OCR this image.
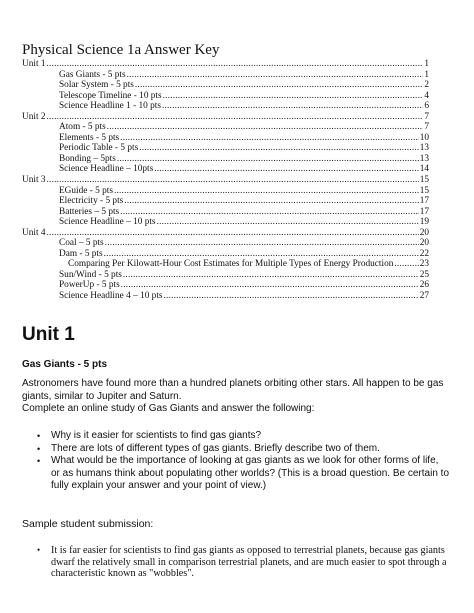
Physical Science 1a Answer Key
Unit 1 .....	1
Gas Giants - 5 pts .....	1
Solar System - 5 pts .....	2
Telescope Timeline - 10 pts .....	4
Science Headline 1 - 10 pts .....	6
Unit 2 .....	7
Atom - 5 pts .....	7
Elements - 5 pts .....	10
Periodic Table - 5 pts .....	13
Bonding – 5pts .....	13
Science Headline – 10pts .....	14
Unit 3 .....	15
EGuide - 5 pts .....	15
Electricity - 5 pts .....	17
Batteries – 5 pts .....	17
Science Headline – 10 pts .....	19
Unit 4 .....	20
Coal – 5 pts .....	20
Dam - 5 pts .....	22
Comparing Per Kilowatt-Hour Cost Estimates for Multiple Types of Energy Production .....	23
Sun/Wind - 5 pts .....	25
PowerUp - 5 pts .....	26
Science Headline 4 – 10 pts .....	27
Unit 1
Gas Giants - 5 pts

Astronomers have found more than a hundred planets orbiting other stars. All happen to be gas giants, similar to Jupiter and Saturn.

Complete an online study of Gas Giants and answer the following:

• Why is it easier for scientists to find gas giants?
• There are lots of different types of gas giants. Briefly describe two of them.
• What would be the importance of looking at gas giants as we look for other forms of life, or as humans think about populating other worlds? (This is a broad question. Be certain to fully explain your answer and your point of view.)
Sample student submission:
• It is far easier for scientists to find gas giants as opposed to terrestrial planets, because gas giants dwarf the relatively small in comparison terrestrial planets, and are much easier to spot through a characteristic known as "wobbles".
